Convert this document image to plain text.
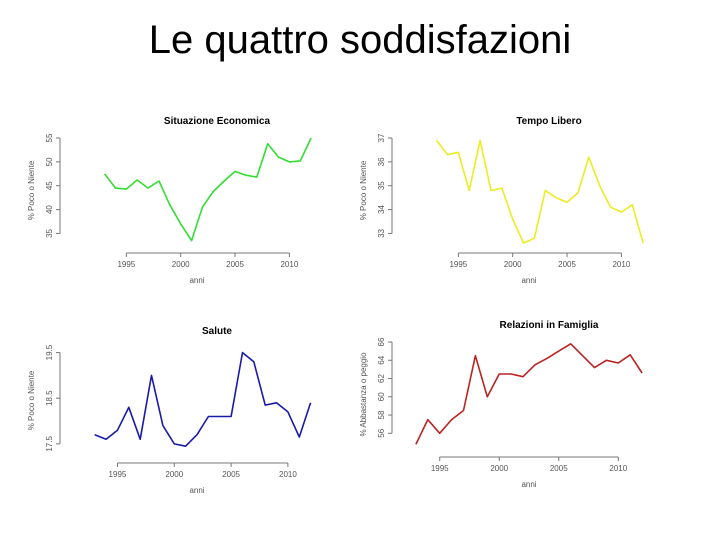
Le quattro soddisfazioni
Situazione Economica
35
40
45
50
55
% Poco o Niente
1995	2000	2005	2010
anni
Tempo Libero
33
34
35
36
37
% Poco o Niente
1995	2000	2005	2010
anni
Salute
17.5
18.5
19.5
% Poco o Niente
1995	2000	2005	2010
anni
Relazioni in Famiglia
56
58
60
62
64
66
% Abbastanza o peggio
1995	2000	2005	2010
anni
